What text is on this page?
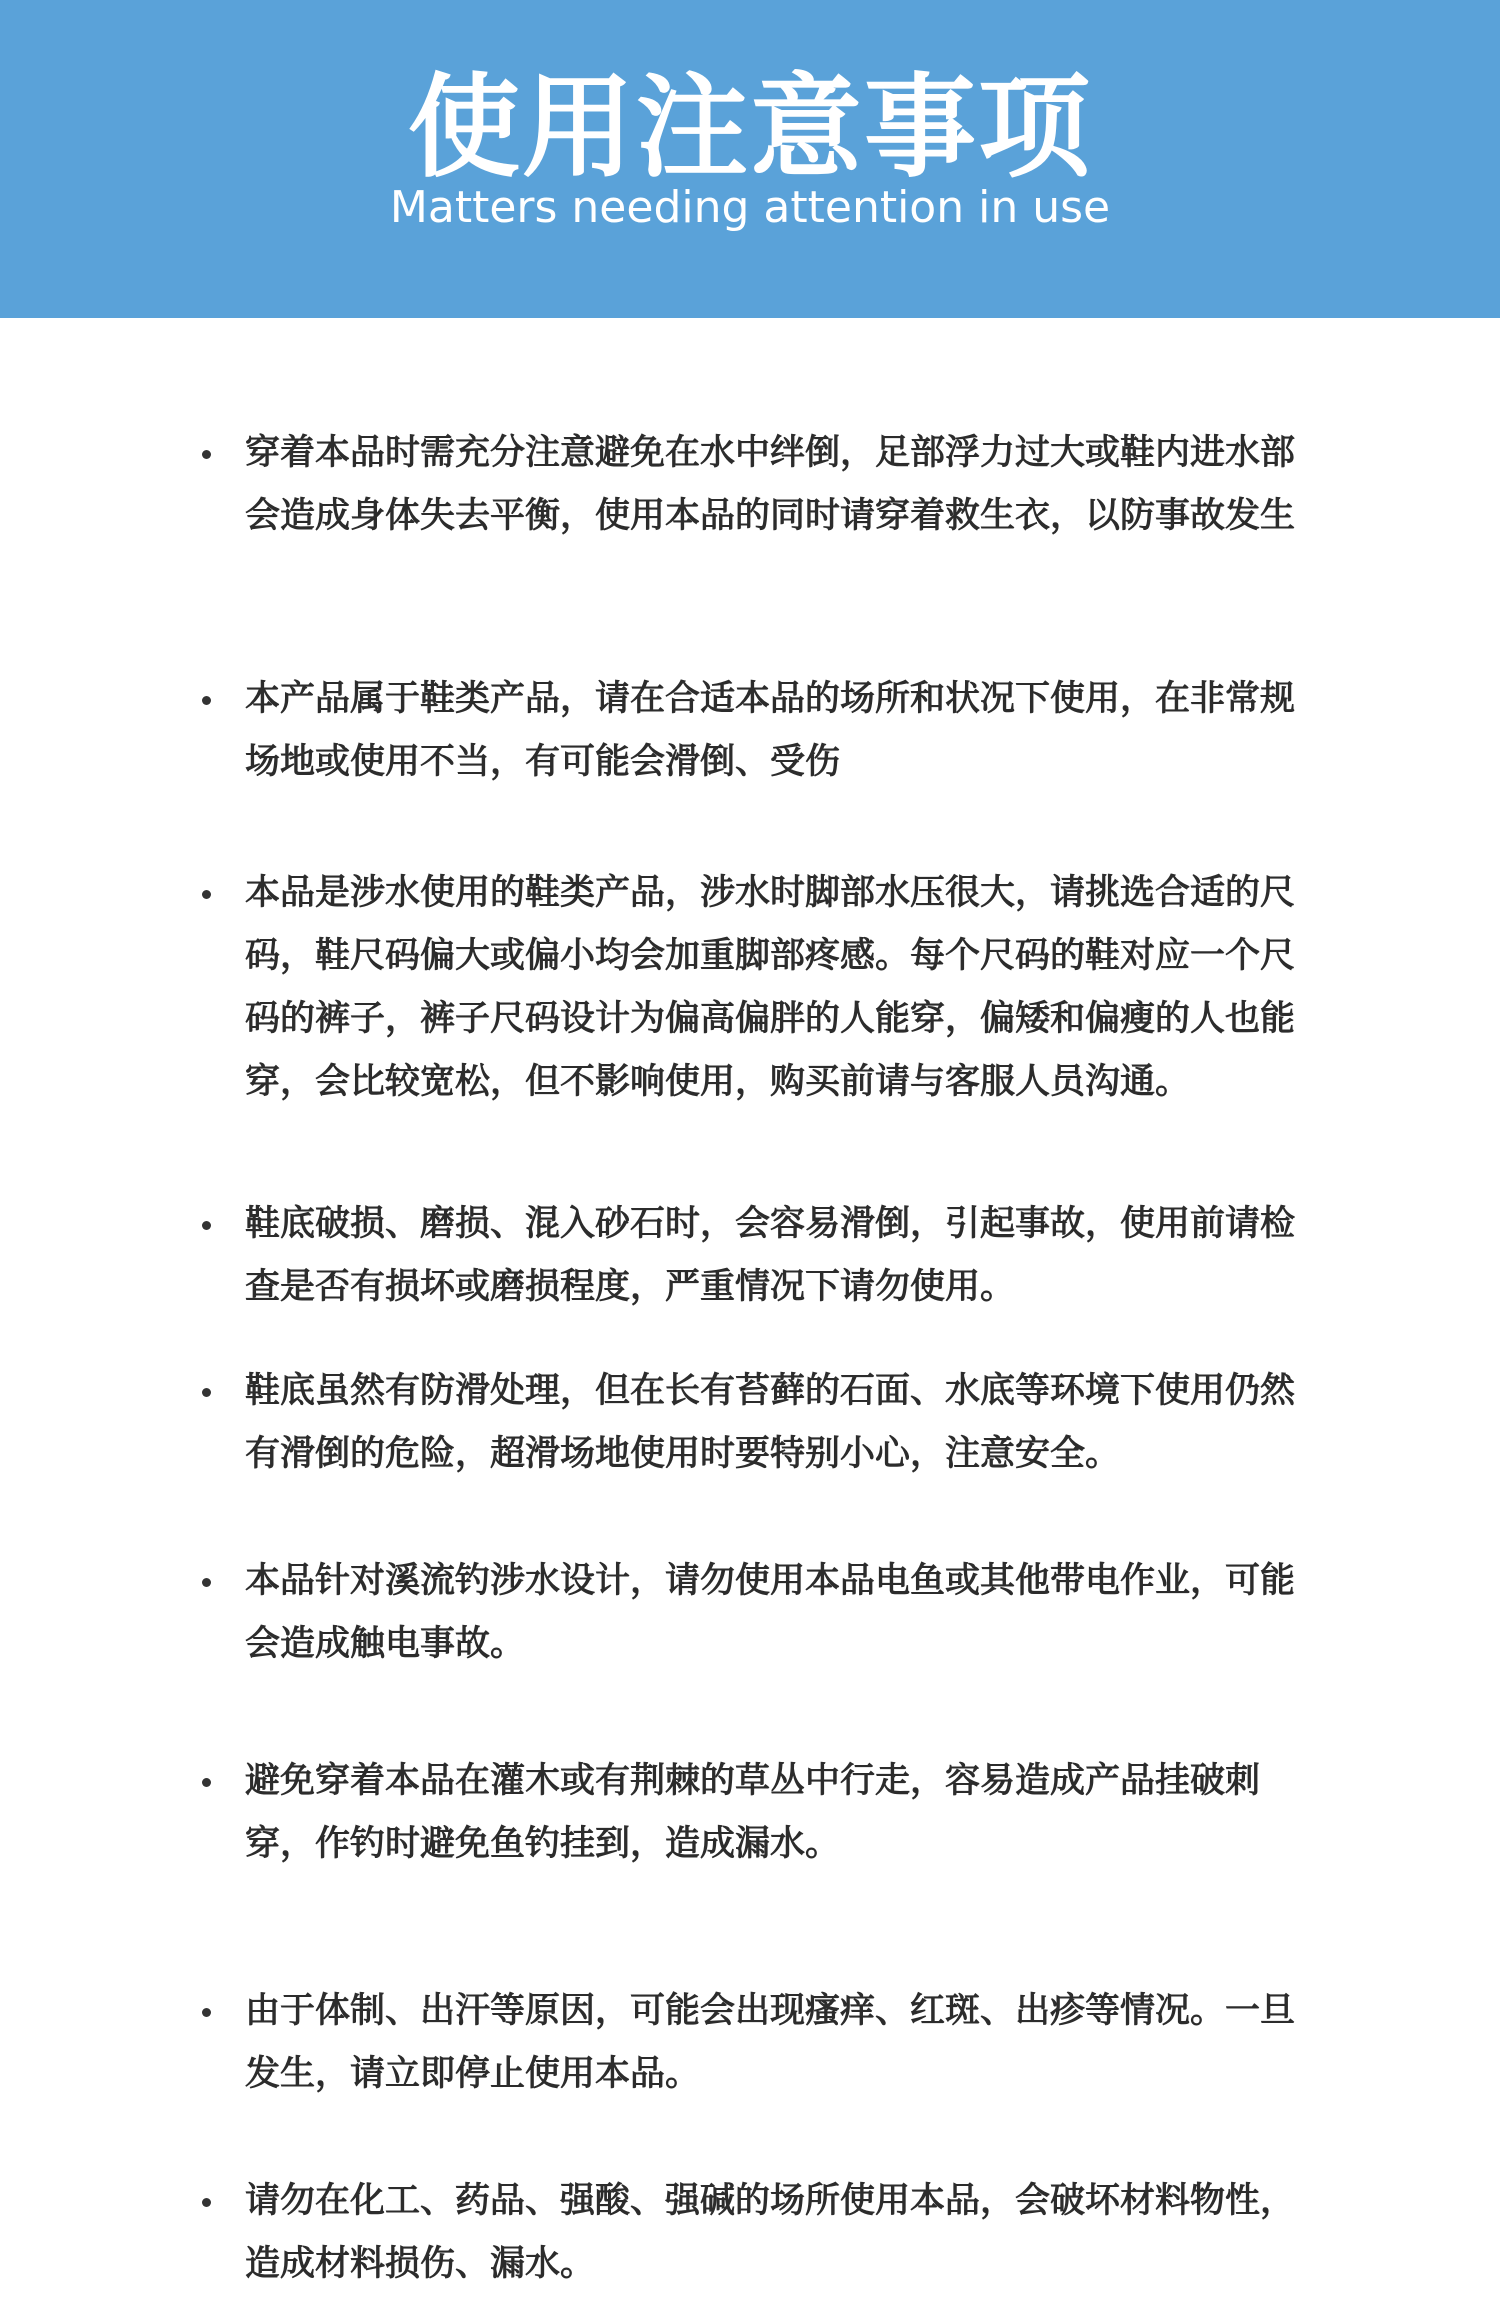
使用注意事项
Matters needing attention in use
穿着本品时需充分注意避免在水中绊倒，足部浮力过大或鞋内进水部会造成身体失去平衡，使用本品的同时请穿着救生衣，以防事故发生
本产品属于鞋类产品，请在合适本品的场所和状况下使用，在非常规场地或使用不当，有可能会滑倒、受伤
本品是涉水使用的鞋类产品，涉水时脚部水压很大，请挑选合适的尺码，鞋尺码偏大或偏小均会加重脚部疼感。每个尺码的鞋对应一个尺码的裤子，裤子尺码设计为偏高偏胖的人能穿，偏矮和偏瘦的人也能穿，会比较宽松，但不影响使用，购买前请与客服人员沟通。
鞋底破损、磨损、混入砂石时，会容易滑倒，引起事故，使用前请检查是否有损坏或磨损程度，严重情况下请勿使用。
鞋底虽然有防滑处理，但在长有苔藓的石面、水底等环境下使用仍然有滑倒的危险，超滑场地使用时要特别小心，注意安全。
本品针对溪流钓涉水设计，请勿使用本品电鱼或其他带电作业，可能会造成触电事故。
避免穿着本品在灌木或有荆棘的草丛中行走，容易造成产品挂破刺穿，作钓时避免鱼钓挂到，造成漏水。
由于体制、出汗等原因，可能会出现瘙痒、红斑、出疹等情况。一旦发生，请立即停止使用本品。
请勿在化工、药品、强酸、强碱的场所使用本品，会破坏材料物性，造成材料损伤、漏水。
